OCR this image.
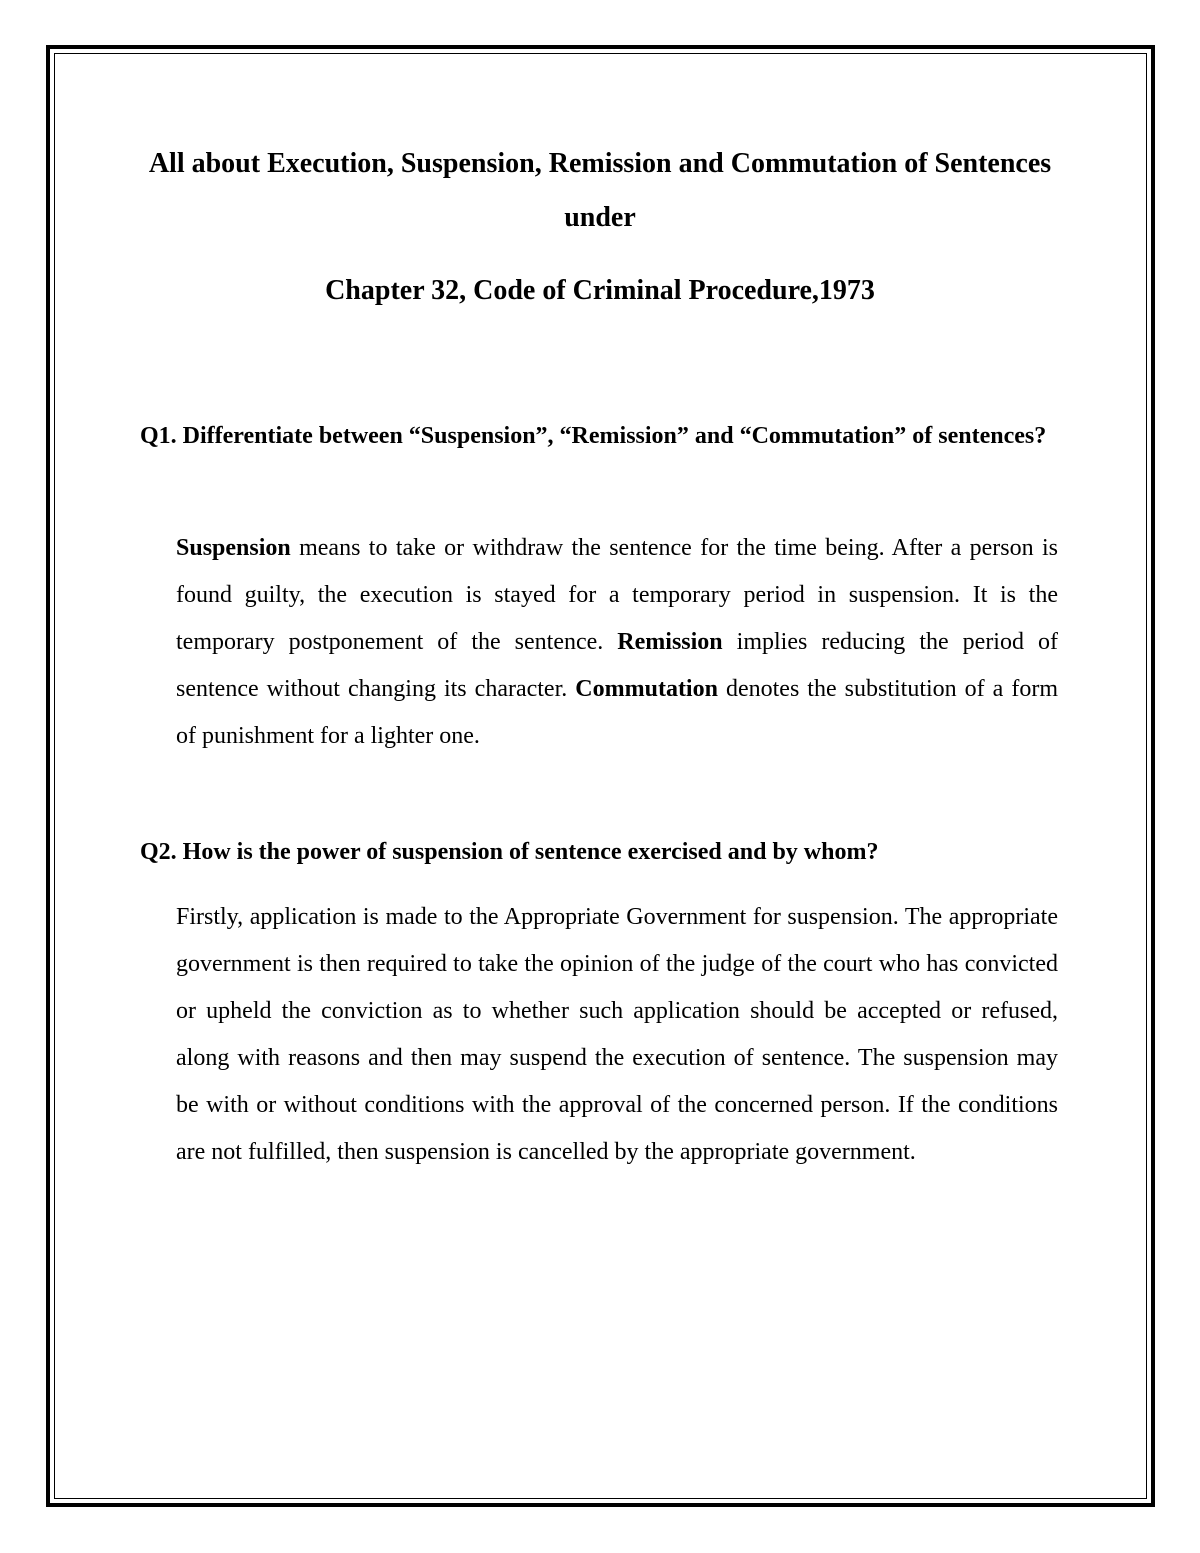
All about Execution, Suspension, Remission and Commutation of Sentences under
Chapter 32, Code of Criminal Procedure,1973
Q1. Differentiate between “Suspension”, “Remission” and “Commutation” of sentences?
Suspension means to take or withdraw the sentence for the time being. After a person is found guilty, the execution is stayed for a temporary period in suspension. It is the temporary postponement of the sentence. Remission implies reducing the period of sentence without changing its character. Commutation denotes the substitution of a form of punishment for a lighter one.
Q2. How is the power of suspension of sentence exercised and by whom?
Firstly, application is made to the Appropriate Government for suspension. The appropriate government is then required to take the opinion of the judge of the court who has convicted or upheld the conviction as to whether such application should be accepted or refused, along with reasons and then may suspend the execution of sentence. The suspension may be with or without conditions with the approval of the concerned person. If the conditions are not fulfilled, then suspension is cancelled by the appropriate government.
